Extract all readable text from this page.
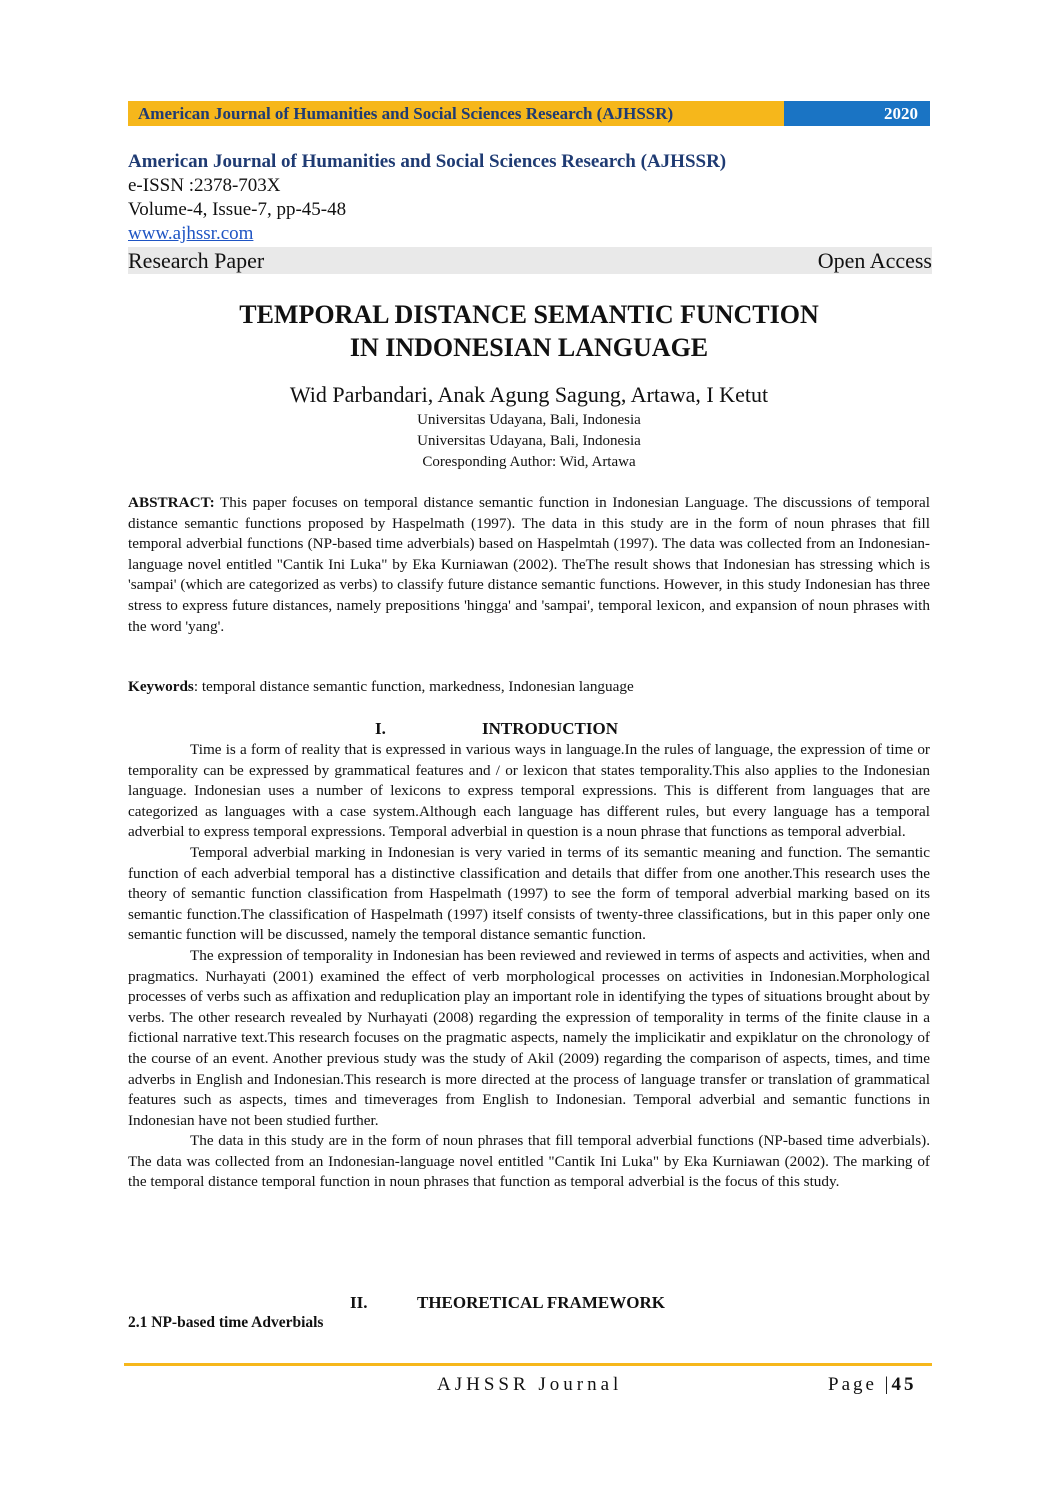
American Journal of Humanities and Social Sciences Research (AJHSSR)	2020
American Journal of Humanities and Social Sciences Research (AJHSSR)
e-ISSN :2378-703X
Volume-4, Issue-7, pp-45-48
www.ajhssr.com
Research Paper	Open Access
TEMPORAL DISTANCE SEMANTIC FUNCTION
IN INDONESIAN LANGUAGE
Wid Parbandari, Anak Agung Sagung, Artawa, I Ketut
Universitas Udayana, Bali, Indonesia
Universitas Udayana, Bali, Indonesia
Coresponding Author: Wid, Artawa

ABSTRACT: This paper focuses on temporal distance semantic function in Indonesian Language. The discussions of temporal distance semantic functions proposed by Haspelmath (1997). The data in this study are in the form of noun phrases that fill temporal adverbial functions (NP-based time adverbials) based on Haspelmtah (1997). The data was collected from an Indonesian-language novel entitled "Cantik Ini Luka" by Eka Kurniawan (2002). TheThe result shows that Indonesian has stressing which is 'sampai' (which are categorized as verbs) to classify future distance semantic functions. However, in this study Indonesian has three stress to express future distances, namely prepositions 'hingga' and 'sampai', temporal lexicon, and expansion of noun phrases with the word 'yang'.

Keywords: temporal distance semantic function, markedness, Indonesian language

I.	INTRODUCTION

Time is a form of reality that is expressed in various ways in language.In the rules of language, the expression of time or temporality can be expressed by grammatical features and / or lexicon that states temporality.This also applies to the Indonesian language. Indonesian uses a number of lexicons to express temporal expressions. This is different from languages that are categorized as languages with a case system.Although each language has different rules, but every language has a temporal adverbial to express temporal expressions. Temporal adverbial in question is a noun phrase that functions as temporal adverbial.

Temporal adverbial marking in Indonesian is very varied in terms of its semantic meaning and function. The semantic function of each adverbial temporal has a distinctive classification and details that differ from one another.This research uses the theory of semantic function classification from Haspelmath (1997) to see the form of temporal adverbial marking based on its semantic function.The classification of Haspelmath (1997) itself consists of twenty-three classifications, but in this paper only one semantic function will be discussed, namely the temporal distance semantic function.

The expression of temporality in Indonesian has been reviewed and reviewed in terms of aspects and activities, when and pragmatics. Nurhayati (2001) examined the effect of verb morphological processes on activities in Indonesian.Morphological processes of verbs such as affixation and reduplication play an important role in identifying the types of situations brought about by verbs. The other research revealed by Nurhayati (2008) regarding the expression of temporality in terms of the finite clause in a fictional narrative text.This research focuses on the pragmatic aspects, namely the implicikatir and expiklatur on the chronology of the course of an event. Another previous study was the study of Akil (2009) regarding the comparison of aspects, times, and time adverbs in English and Indonesian.This research is more directed at the process of language transfer or translation of grammatical features such as aspects, times and timeverages from English to Indonesian. Temporal adverbial and semantic functions in Indonesian have not been studied further.

The data in this study are in the form of noun phrases that fill temporal adverbial functions (NP-based time adverbials). The data was collected from an Indonesian-language novel entitled "Cantik Ini Luka" by Eka Kurniawan (2002). The marking of the temporal distance temporal function in noun phrases that function as temporal adverbial is the focus of this study.

II.	THEORETICAL FRAMEWORK
2.1 NP-based time Adverbials
AJHSSR Journal	Page |45
